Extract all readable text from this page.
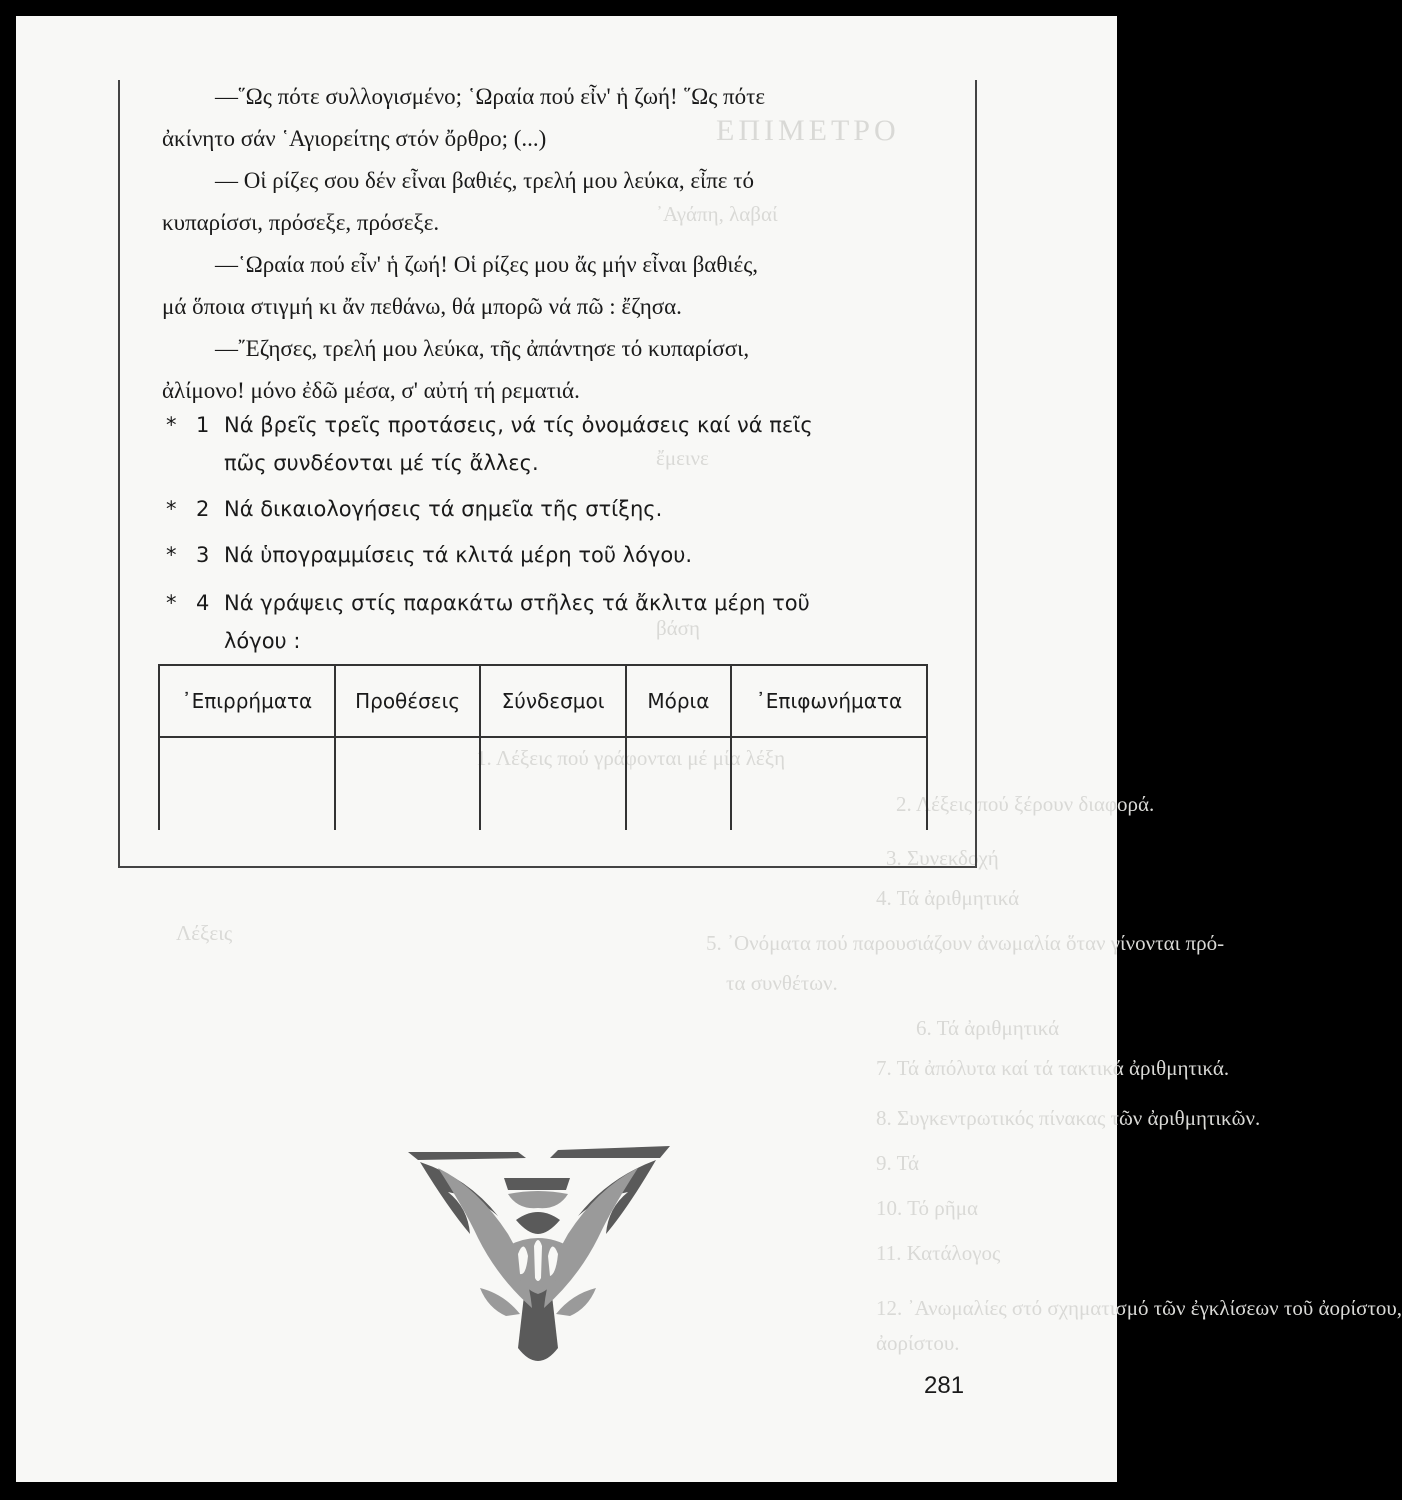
ΕΠΙΜΕΤΡΟ
᾿Αγάπη, λαβαί
ἔμεινε
βάση
1. Λέξεις πού γράφονται μέ μία λέξη
2. Λέξεις πού ξέρουν διαφορά.
3. Συνεκδοχή
4. Τά ἀριθμητικά
Λέξεις	5. ᾿Ονόματα πού παρουσιάζουν ἀνωμαλία ὅταν γίνονται πρό-
τα συνθέτων.
6. Τά ἀριθμητικά
7. Τά ἀπόλυτα καί τά τακτικά ἀριθμητικά.
8. Συγκεντρωτικός πίνακας τῶν ἀριθμητικῶν.
9. Τά
10. Τό ρῆμα
11. Κατάλογος
12. ᾿Ανωμαλίες στό σχηματισμό τῶν ἐγκλίσεων τοῦ ἀορίστου,
ἀορίστου.
—῞Ως πότε συλλογισμένο; ῾Ωραία πού εἶν' ἡ ζωή! ῞Ως πότε
ἀκίνητο σάν ῾Αγιορείτης στόν ὄρθρο; (...)
— Οἱ ρίζες σου δέν εἶναι βαθιές, τρελή μου λεύκα, εἶπε τό
κυπαρίσσι, πρόσεξε, πρόσεξε.
—῾Ωραία πού εἶν' ἡ ζωή! Οἱ ρίζες μου ἄς μήν εἶναι βαθιές,
μά ὅποια στιγμή κι ἄν πεθάνω, θά μπορῶ νά πῶ : ἔζησα.
—῎Εζησες, τρελή μου λεύκα, τῆς ἀπάντησε τό κυπαρίσσι,
ἀλίμονο! μόνο ἐδῶ μέσα, σ' αὐτή τή ρεματιά.
* 1 Νά βρεῖς τρεῖς προτάσεις, νά τίς ὀνομάσεις καί νά πεῖς
πῶς συνδέονται μέ τίς ἄλλες.
* 2 Νά δικαιολογήσεις τά σημεῖα τῆς στίξης.
* 3 Νά ὑπογραμμίσεις τά κλιτά μέρη τοῦ λόγου.
* 4 Νά γράψεις στίς παρακάτω στῆλες τά ἄκλιτα μέρη τοῦ
λόγου :
᾿Επιρρήματα	Προθέσεις	Σύνδεσμοι	Μόρια	᾿Επιφωνήματα

281
